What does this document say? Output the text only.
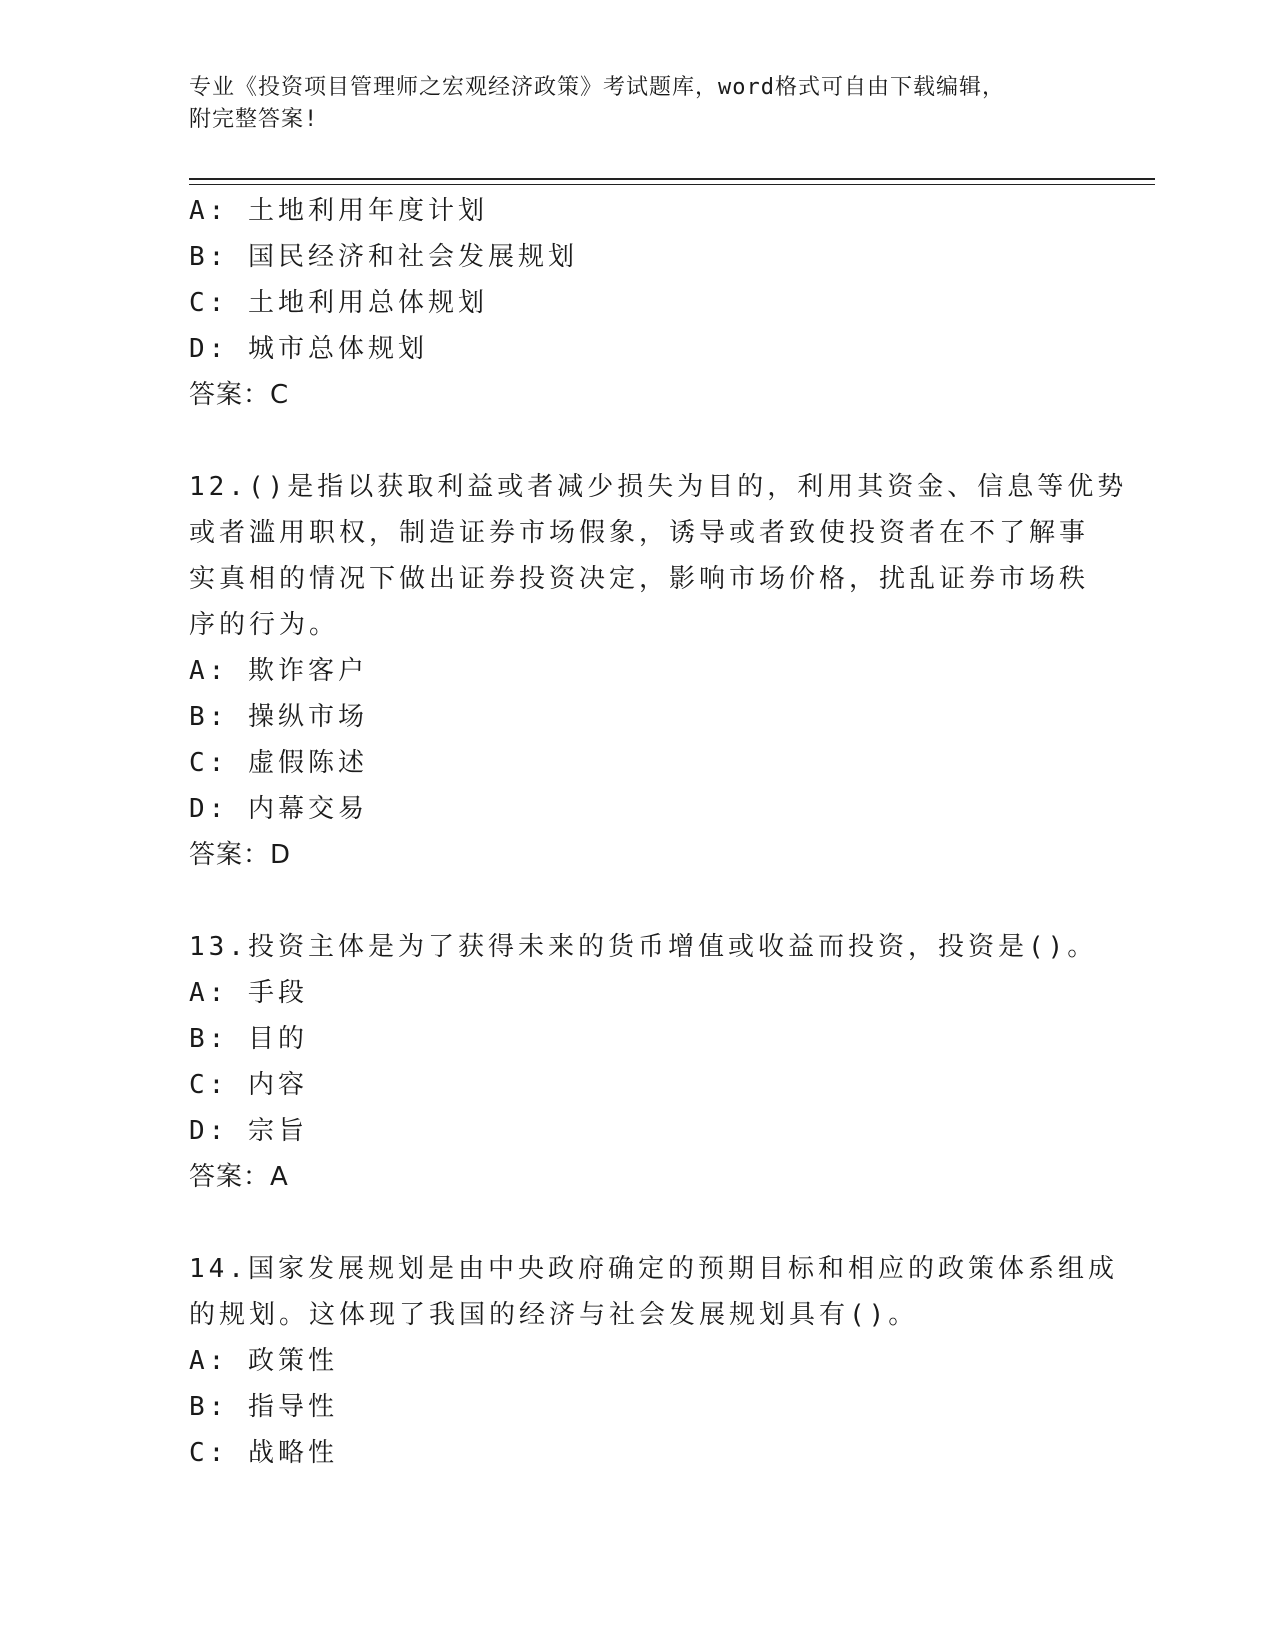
专业《投资项目管理师之宏观经济政策》考试题库，word格式可自由下载编辑，
附完整答案!
A: 土地利用年度计划
B: 国民经济和社会发展规划
C: 土地利用总体规划
D: 城市总体规划
答案：C
12.()是指以获取利益或者减少损失为目的，利用其资金、信息等优势
或者滥用职权，制造证券市场假象，诱导或者致使投资者在不了解事
实真相的情况下做出证券投资决定，影响市场价格，扰乱证券市场秩
序的行为。
A: 欺诈客户
B: 操纵市场
C: 虚假陈述
D: 内幕交易
答案：D
13.投资主体是为了获得未来的货币增值或收益而投资，投资是()。
A: 手段
B: 目的
C: 内容
D: 宗旨
答案：A
14.国家发展规划是由中央政府确定的预期目标和相应的政策体系组成
的规划。这体现了我国的经济与社会发展规划具有()。
A: 政策性
B: 指导性
C: 战略性
